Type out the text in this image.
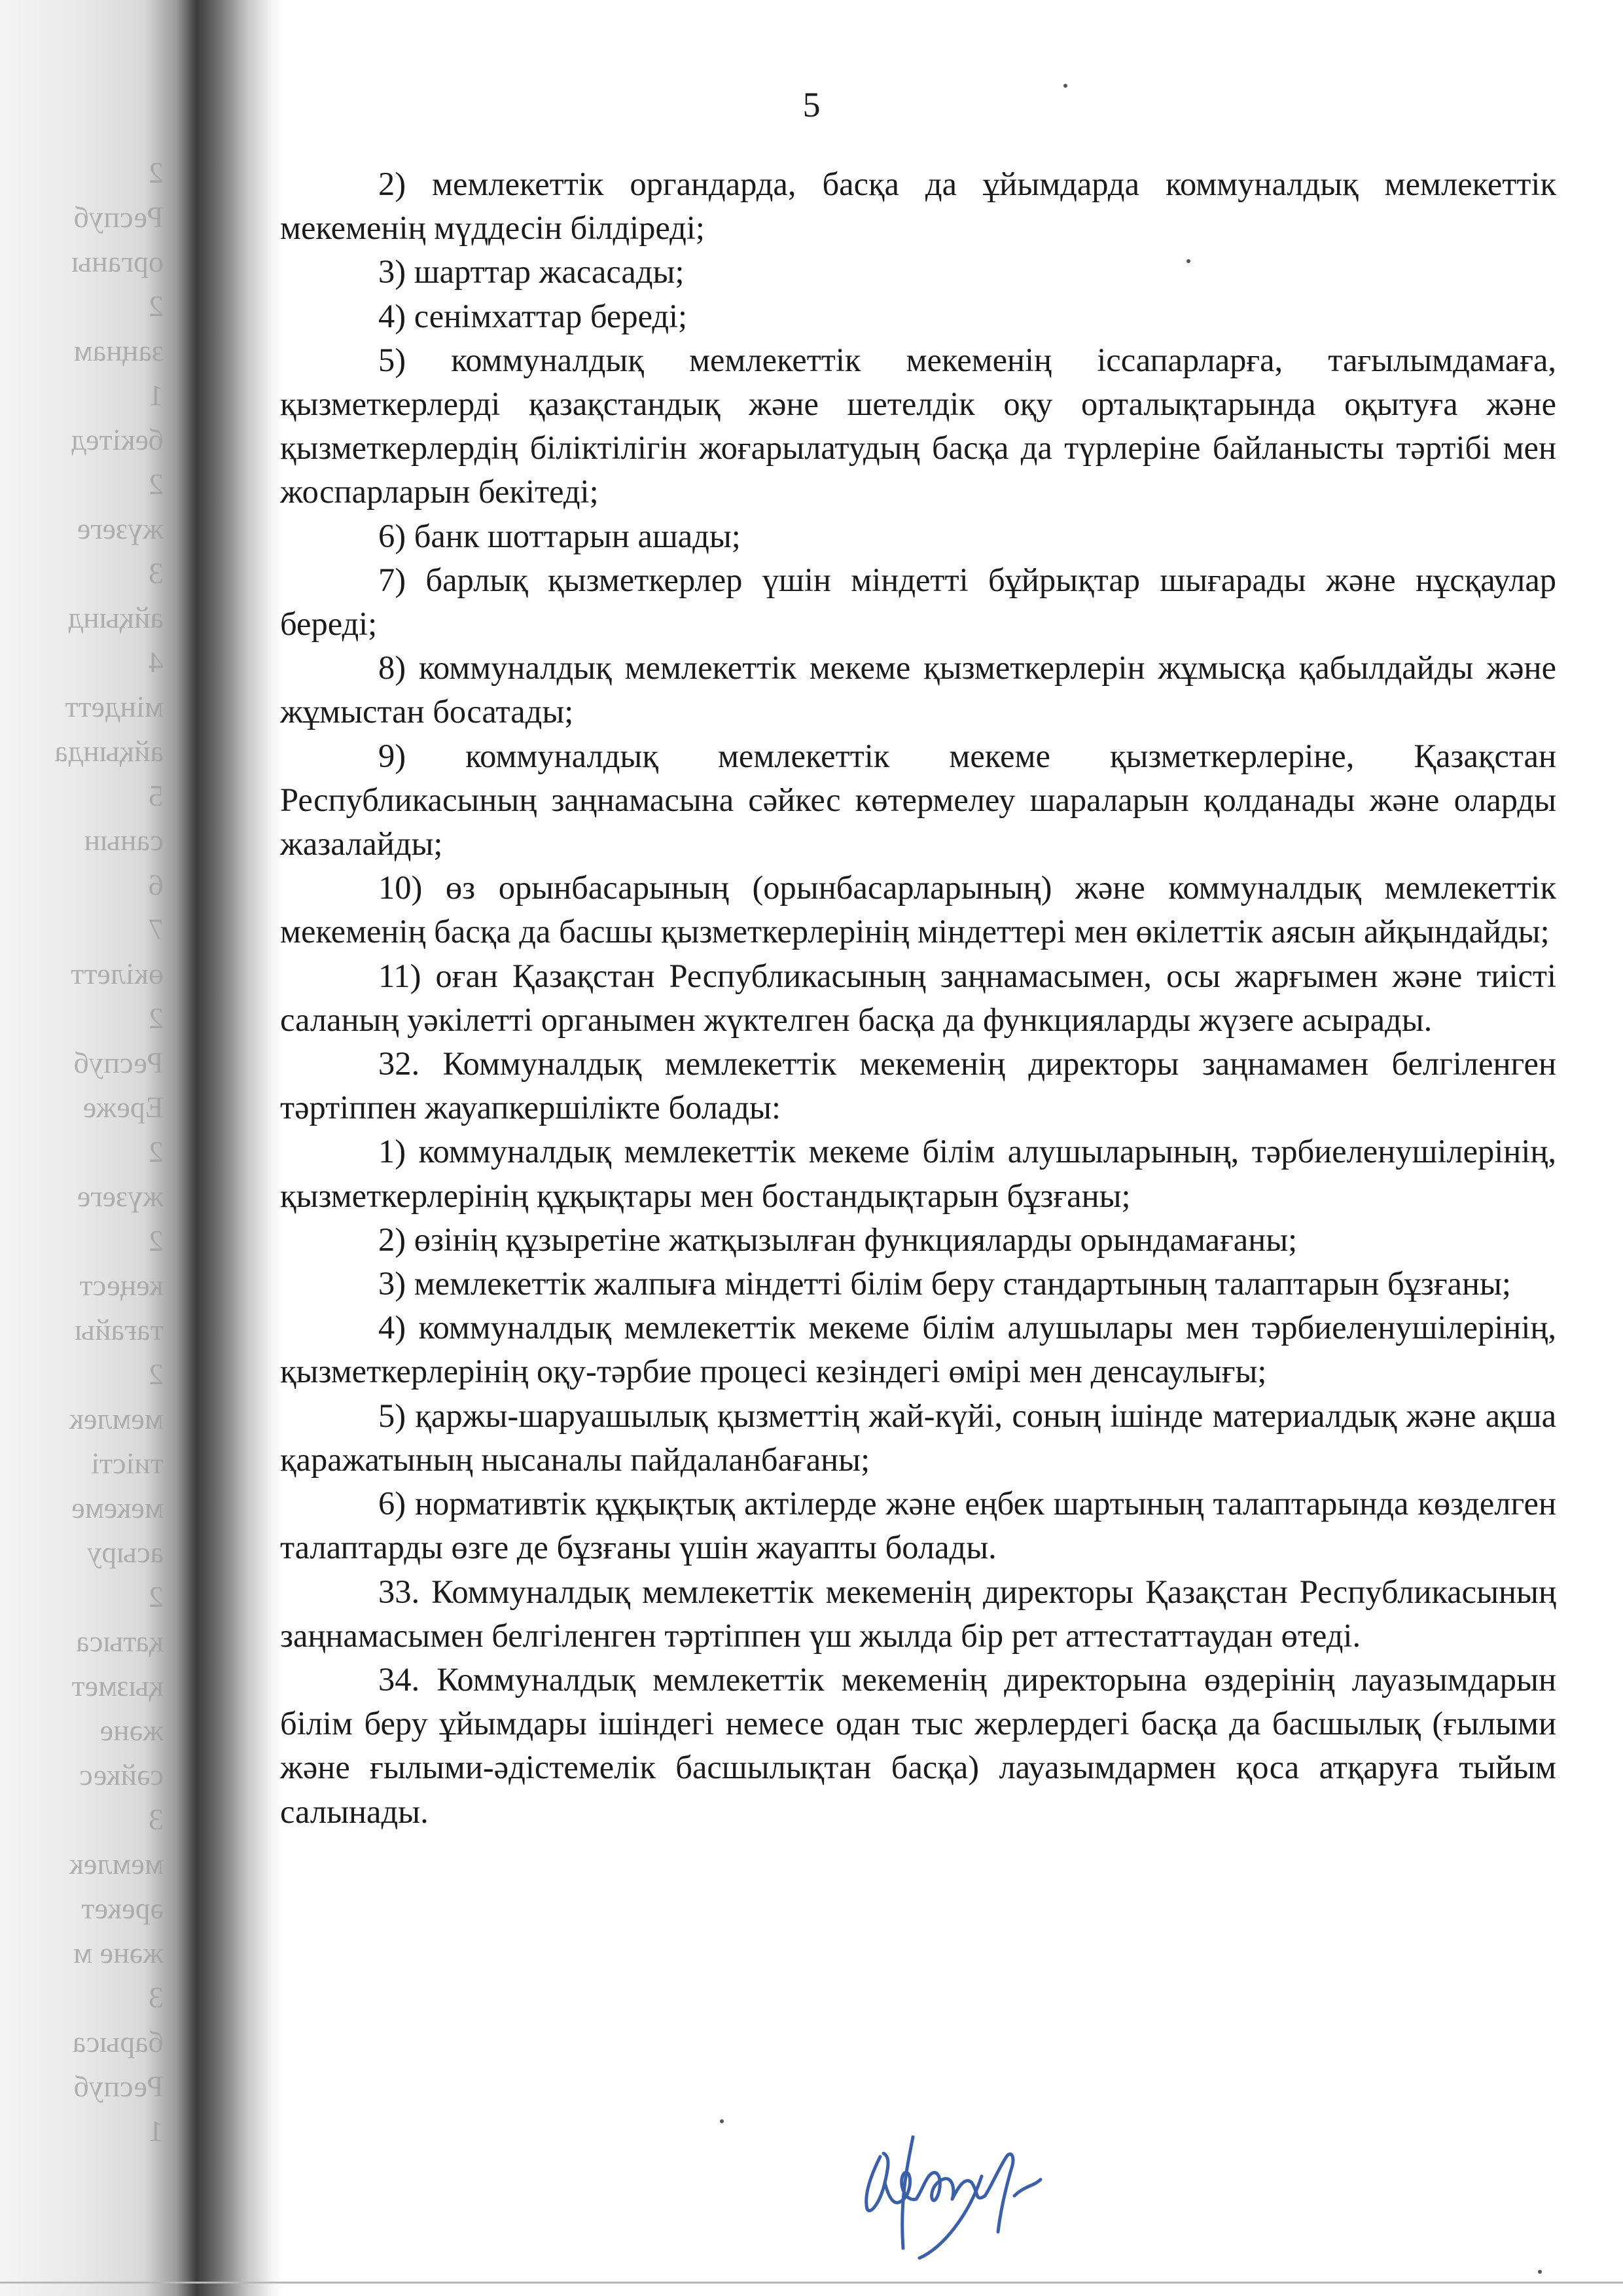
2
Респуб
органы
2
заңнам
1
бекітед
2
жүзеге
3
айқынд
4
міндетт
айқында
5
санын
6
7
өкілетт
2
Респуб
Ереже
2
жүзеге
2
кеңест
тағайы
2
мемлек
тиісті
мекеме
асыру
2
қатыса
қызмет
және
сәйкес
3
мемлек
әрекет
және м
3
барыса
Респуб
1
5

2) мемлекеттік органдарда, басқа да ұйымдарда коммуналдық мемлекеттік мекеменің мүддесін білдіреді;

3) шарттар жасасады;

4) сенімхаттар береді;

5) коммуналдық мемлекеттік мекеменің іссапарларға, тағылымдамаға, қызметкерлерді қазақстандық және шетелдік оқу орталықтарында оқытуға және қызметкерлердің біліктілігін жоғарылатудың басқа да түрлеріне байланысты тәртібі мен жоспарларын бекітеді;

6) банк шоттарын ашады;

7) барлық қызметкерлер үшін міндетті бұйрықтар шығарады және нұсқаулар береді;

8) коммуналдық мемлекеттік мекеме қызметкерлерін жұмысқа қабылдайды және жұмыстан босатады;

9) коммуналдық мемлекеттік мекеме қызметкерлеріне, Қазақстан Республикасының заңнамасына сәйкес көтермелеу шараларын қолданады және оларды жазалайды;

10) өз орынбасарының (орынбасарларының) және коммуналдық мемлекеттік мекеменің басқа да басшы қызметкерлерінің міндеттері мен өкілеттік аясын айқындайды;

11) оған Қазақстан Республикасының заңнамасымен, осы жарғымен және тиісті саланың уәкілетті органымен жүктелген басқа да функцияларды жүзеге асырады.

32. Коммуналдық мемлекеттік мекеменің директоры заңнамамен белгіленген тәртіппен жауапкершілікте болады:

1) коммуналдық мемлекеттік мекеме білім алушыларының, тәрбиеленушілерінің, қызметкерлерінің құқықтары мен бостандықтарын бұзғаны;

2) өзінің құзыретіне жатқызылған функцияларды орындамағаны;

3) мемлекеттік жалпыға міндетті білім беру стандартының талаптарын бұзғаны;

4) коммуналдық мемлекеттік мекеме білім алушылары мен тәрбиеленушілерінің, қызметкерлерінің оқу-тәрбие процесі кезіндегі өмірі мен денсаулығы;

5) қаржы-шаруашылық қызметтің жай-күйі, соның ішінде материалдық және ақша қаражатының нысаналы пайдаланбағаны;

6) нормативтік құқықтық актілерде және еңбек шартының талаптарында көзделген талаптарды өзге де бұзғаны үшін жауапты болады.

33. Коммуналдық мемлекеттік мекеменің директоры Қазақстан Республикасының заңнамасымен белгіленген тәртіппен үш жылда бір рет аттестаттаудан өтеді.

34. Коммуналдық мемлекеттік мекеменің директорына өздерінің лауазымдарын білім беру ұйымдары ішіндегі немесе одан тыс жерлердегі басқа да басшылық (ғылыми және ғылыми-әдістемелік басшылықтан басқа) лауазымдармен қоса атқаруға тыйым салынады.
